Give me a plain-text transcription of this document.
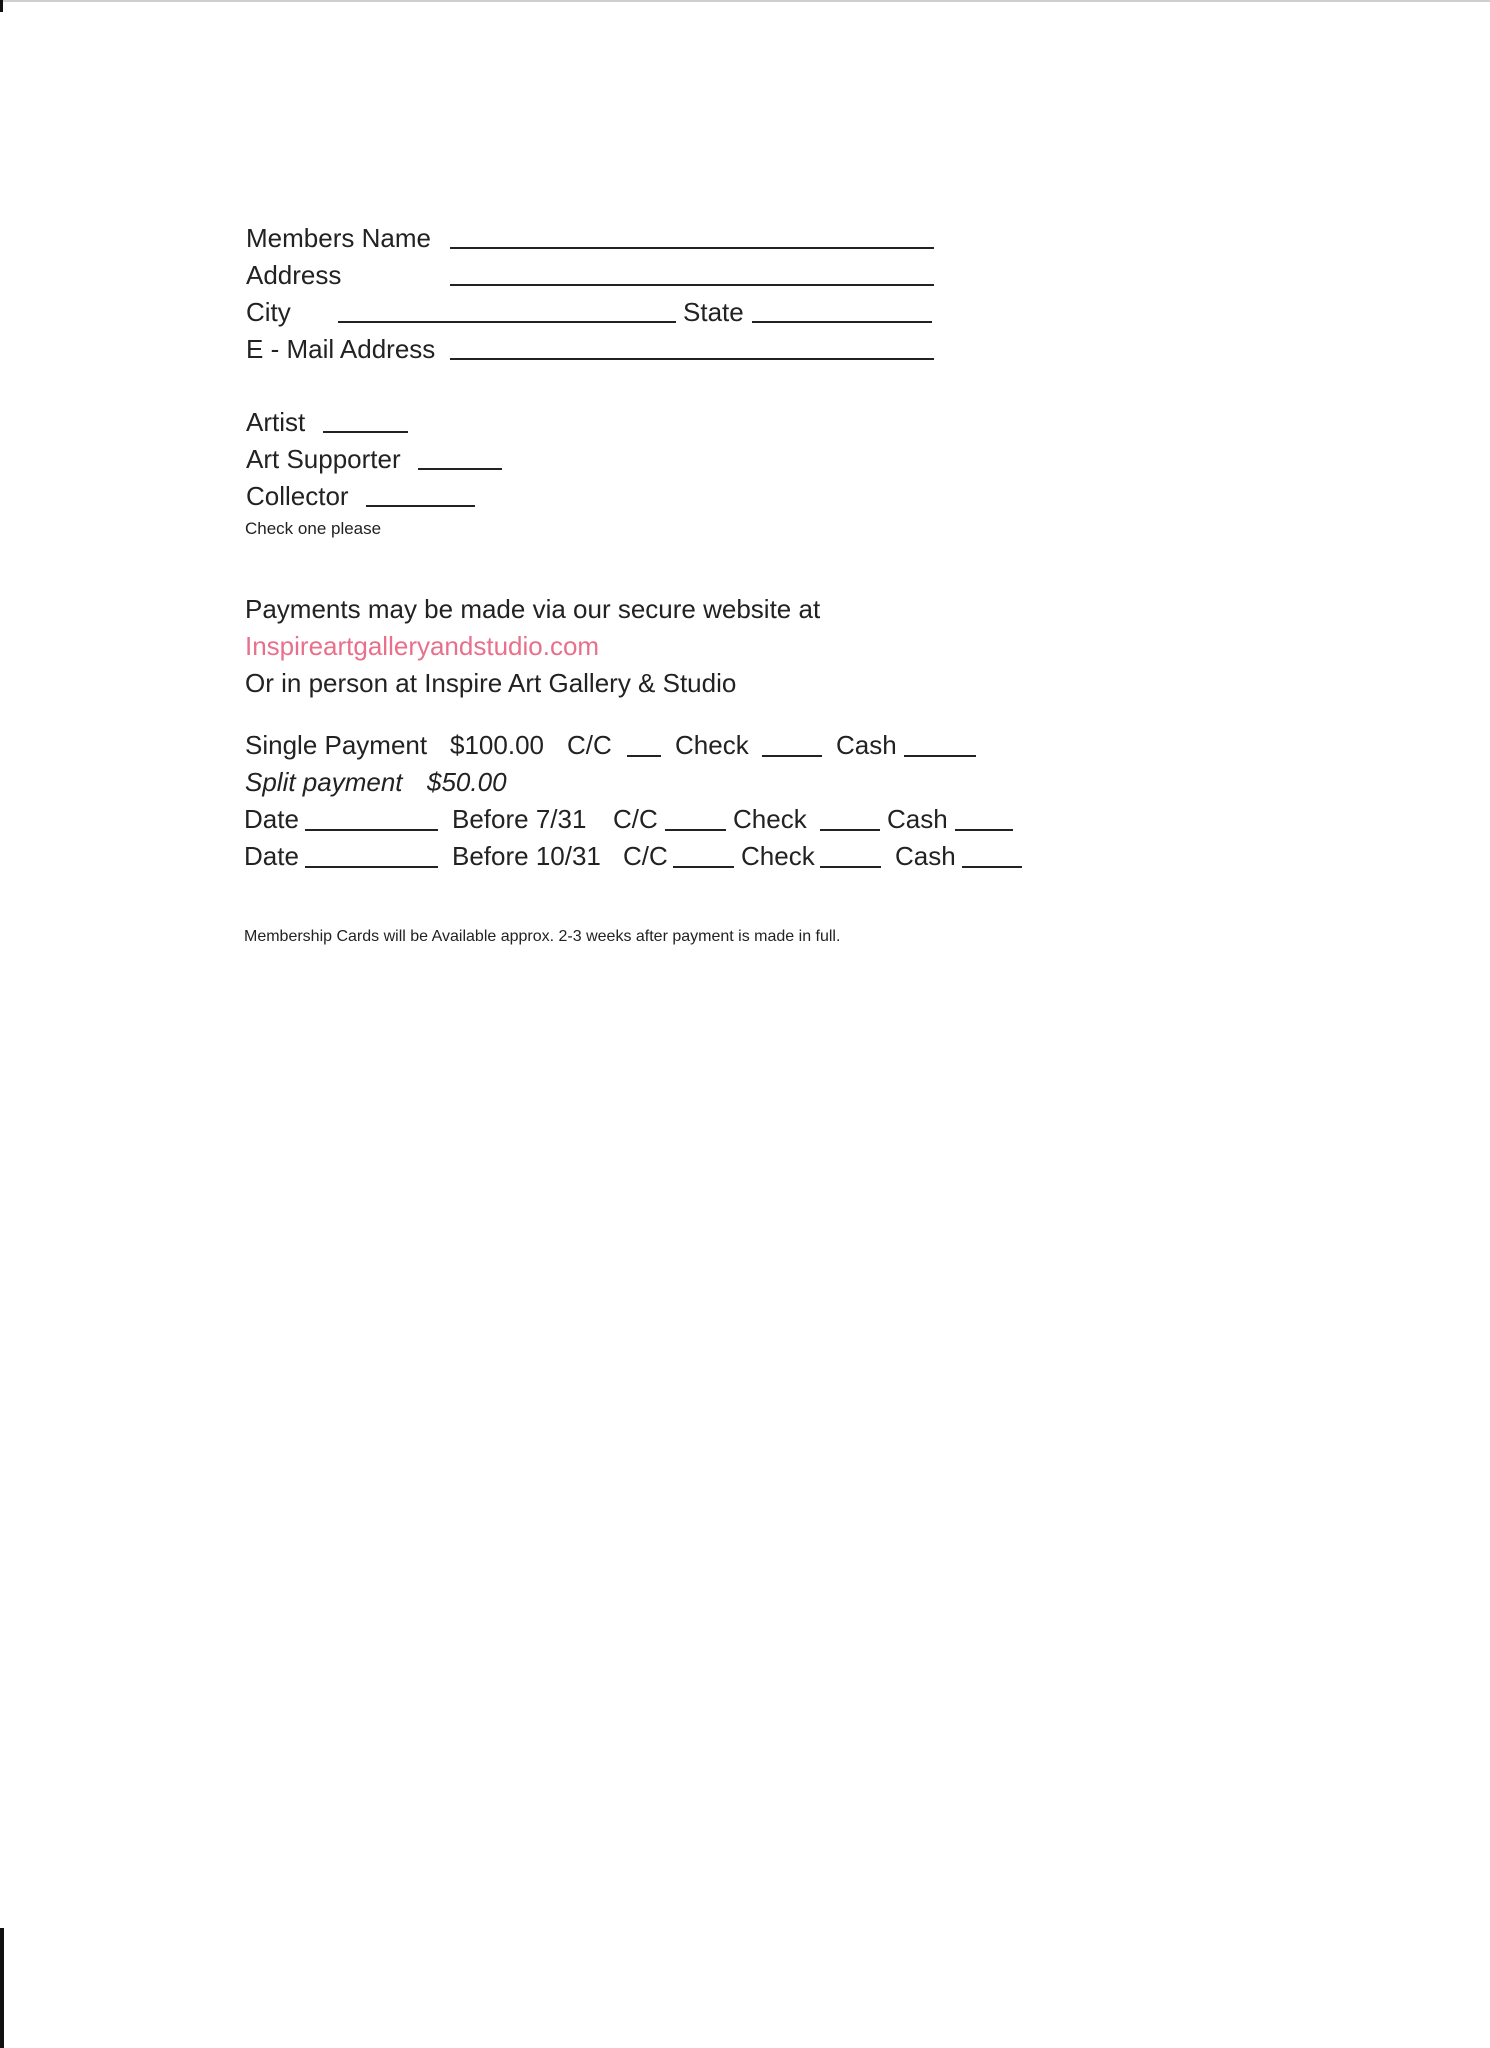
Members Name
Address
City	State
E - Mail Address
Artist
Art Supporter
Collector
Check one please
Payments may be made via our secure website at
Inspireartgalleryandstudio.com
Or in person at Inspire Art Gallery & Studio
Single Payment $100.00 C/C Check	Cash
Split payment $50.00
Date	Before 7/31 C/C	Check	Cash
Date	Before 10/31 C/C	Check	Cash
Membership Cards will be Available approx. 2-3 weeks after payment is made in full.
